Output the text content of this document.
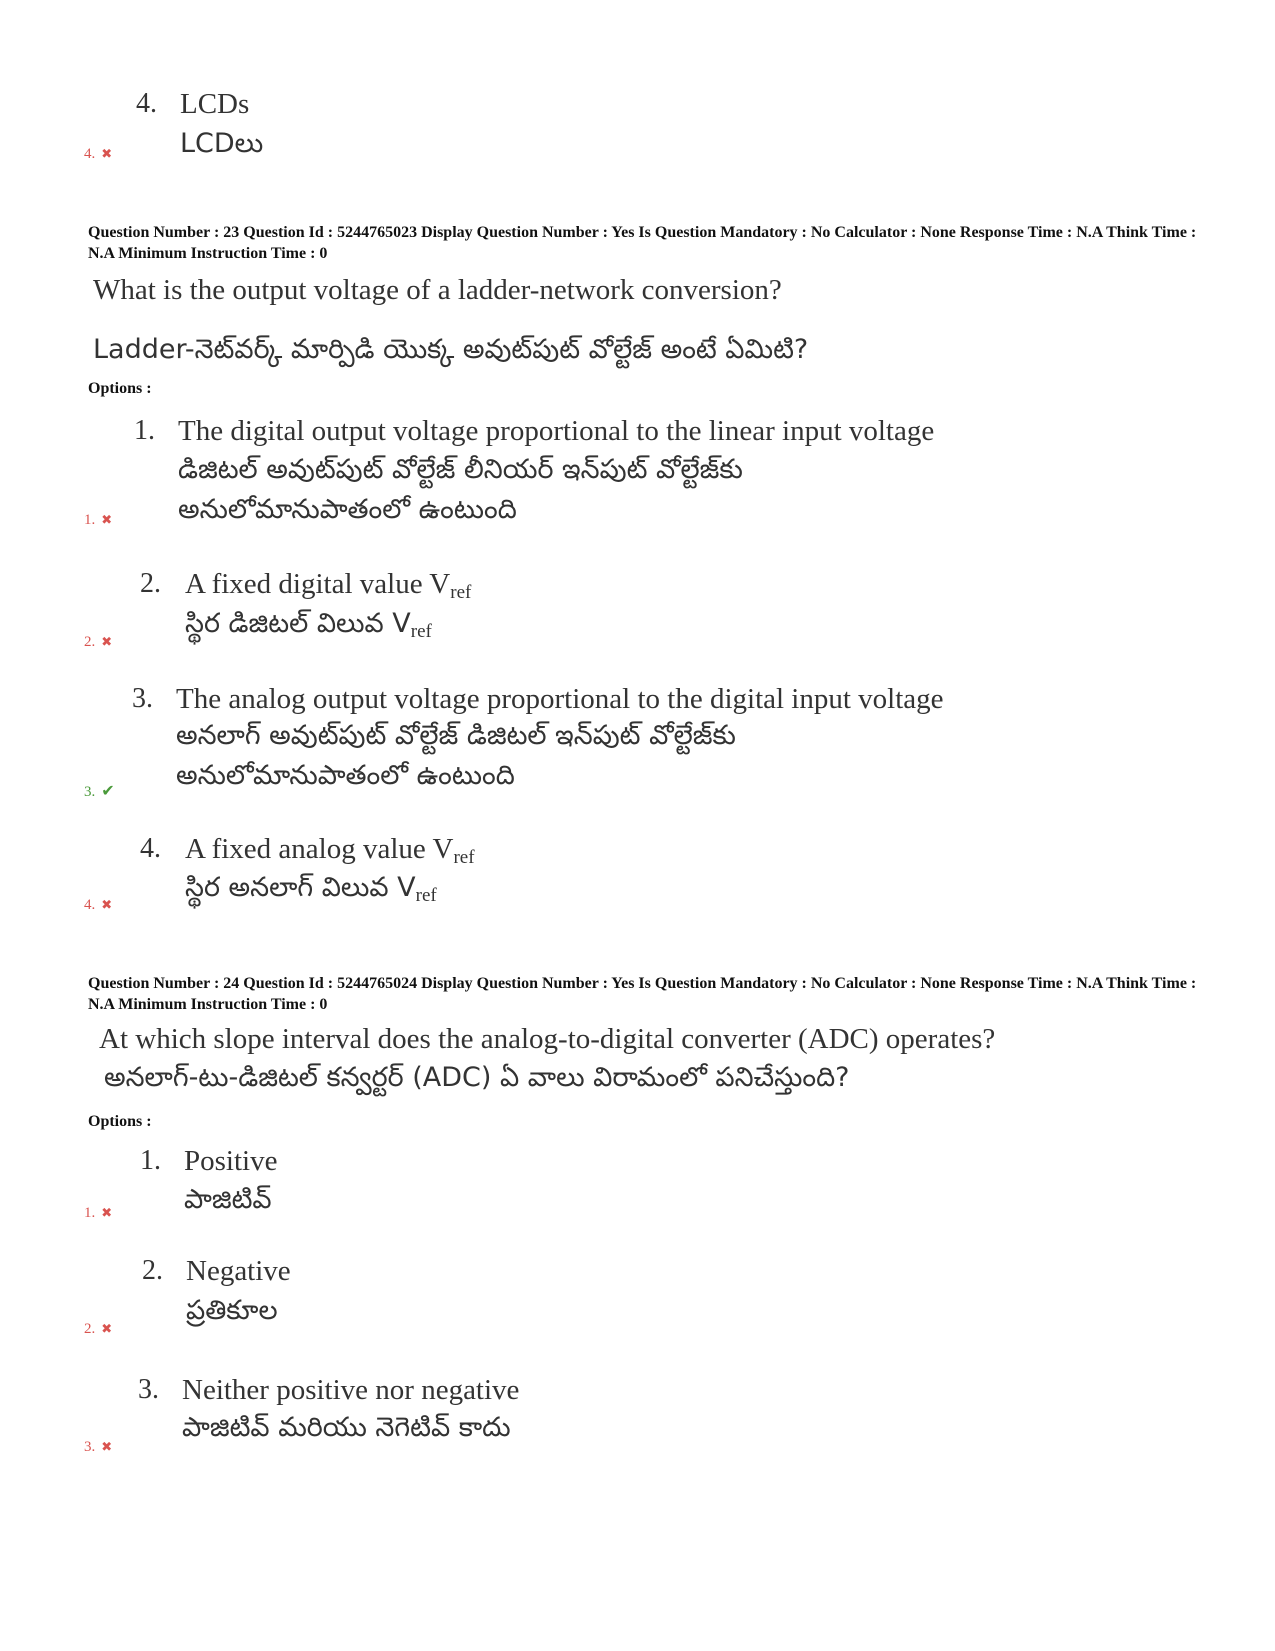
4. LCDs
LCDలు
4. ✖
Question Number : 23 Question Id : 5244765023 Display Question Number : Yes Is Question Mandatory : No Calculator : None Response Time : N.A Think Time : N.A Minimum Instruction Time : 0
What is the output voltage of a ladder-network conversion?
Ladder-నెట్‌వర్క్ మార్పిడి యొక్క అవుట్‌పుట్ వోల్టేజ్ అంటే ఏమిటి?
Options :
1. The digital output voltage proportional to the linear input voltage
డిజిటల్ అవుట్‌పుట్ వోల్టేజ్ లీనియర్ ఇన్‌పుట్ వోల్టేజ్‌కు
అనులోమానుపాతంలో ఉంటుంది
1. ✖
2. A fixed digital value $V_{ref}$
స్థిర డిజిటల్ విలువ $V_{ref}$
2. ✖
3. The analog output voltage proportional to the digital input voltage
అనలాగ్ అవుట్‌పుట్ వోల్టేజ్ డిజిటల్ ఇన్‌పుట్ వోల్టేజ్‌కు
అనులోమానుపాతంలో ఉంటుంది
3. ✔
4. A fixed analog value $V_{ref}$
స్థిర అనలాగ్ విలువ $V_{ref}$
4. ✖
Question Number : 24 Question Id : 5244765024 Display Question Number : Yes Is Question Mandatory : No Calculator : None Response Time : N.A Think Time : N.A Minimum Instruction Time : 0
At which slope interval does the analog-to-digital converter (ADC) operates?
అనలాగ్-టు-డిజిటల్ కన్వర్టర్ (ADC) ఏ వాలు విరామంలో పనిచేస్తుంది?
Options :
1. Positive
పాజిటివ్
1. ✖
2. Negative
ప్రతికూల
2. ✖
3. Neither positive nor negative
పాజిటివ్ మరియు నెగెటివ్ కాదు
3. ✖
